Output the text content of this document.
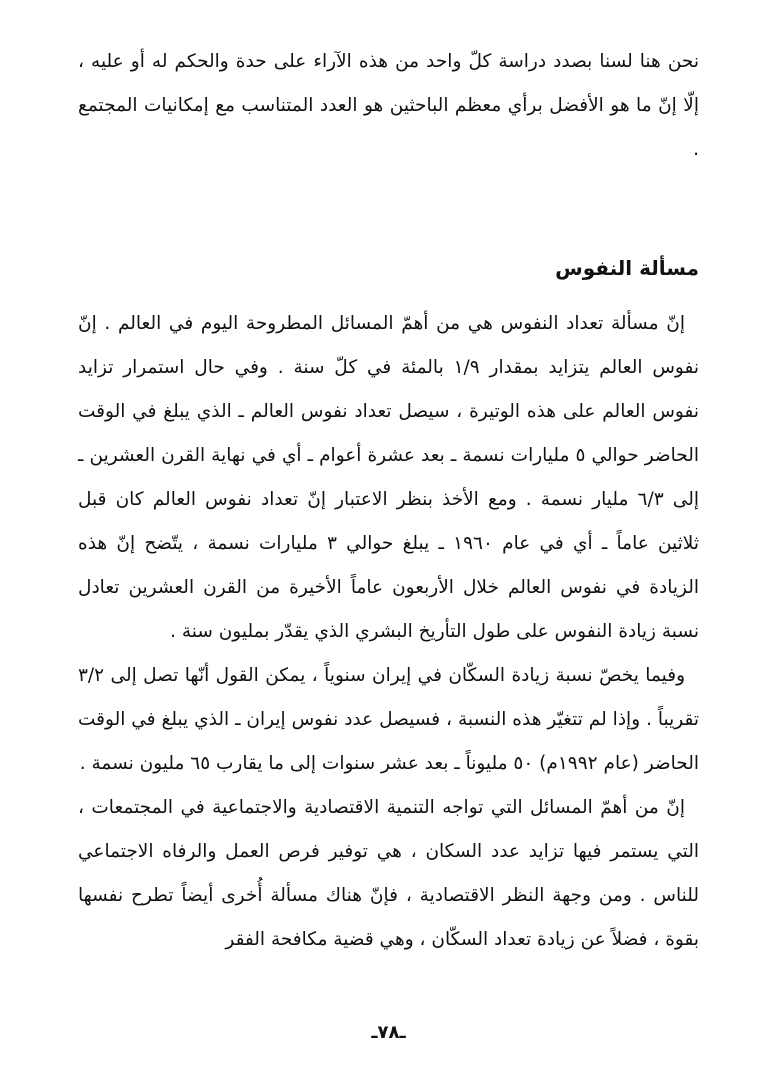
نحن هنا لسنا بصدد دراسة كلّ واحد من هذه الآراء على حدة والحكم له أو عليه ، إلّا إنّ ما هو الأفضل برأي معظم الباحثين هو العدد المتناسب مع إمكانيات المجتمع .

مسألة النفوس

إنّ مسألة تعداد النفوس هي من أهمّ المسائل المطروحة اليوم في العالم . إنّ نفوس العالم يتزايد بمقدار ١/٩ بالمئة في كلّ سنة . وفي حال استمرار تزايد نفوس العالم على هذه الوتيرة ، سيصل تعداد نفوس العالم ـ الذي يبلغ في الوقت الحاضر حوالي ٥ مليارات نسمة ـ بعد عشرة أعوام ـ أي في نهاية القرن العشرين ـ إلى ٦/٣ مليار نسمة . ومع الأخذ بنظر الاعتبار إنّ تعداد نفوس العالم كان قبل ثلاثين عاماً ـ أي في عام ١٩٦٠ ـ يبلغ حوالي ٣ مليارات نسمة ، يتّضح إنّ هذه الزيادة في نفوس العالم خلال الأربعون عاماً الأخيرة من القرن العشرين تعادل نسبة زيادة النفوس على طول التأريخ البشري الذي يقدّر بمليون سنة .

وفيما يخصّ نسبة زيادة السكّان في إيران سنوياً ، يمكن القول أنّها تصل إلى ٣/٢ تقريباً . وإذا لم تتغيّر هذه النسبة ، فسيصل عدد نفوس إيران ـ الذي يبلغ في الوقت الحاضر (عام ١٩٩٢م) ٥٠ مليوناً ـ بعد عشر سنوات إلى ما يقارب ٦٥ مليون نسمة .

إنّ من أهمّ المسائل التي تواجه التنمية الاقتصادية والاجتماعية في المجتمعات ، التي يستمر فيها تزايد عدد السكان ، هي توفير فرص العمل والرفاه الاجتماعي للناس . ومن وجهة النظر الاقتصادية ، فإنّ هناك مسألة أُخرى أيضاً تطرح نفسها بقوة ، فضلاً عن زيادة تعداد السكّان ، وهي قضية مكافحة الفقر

ـ٧٨ـ
